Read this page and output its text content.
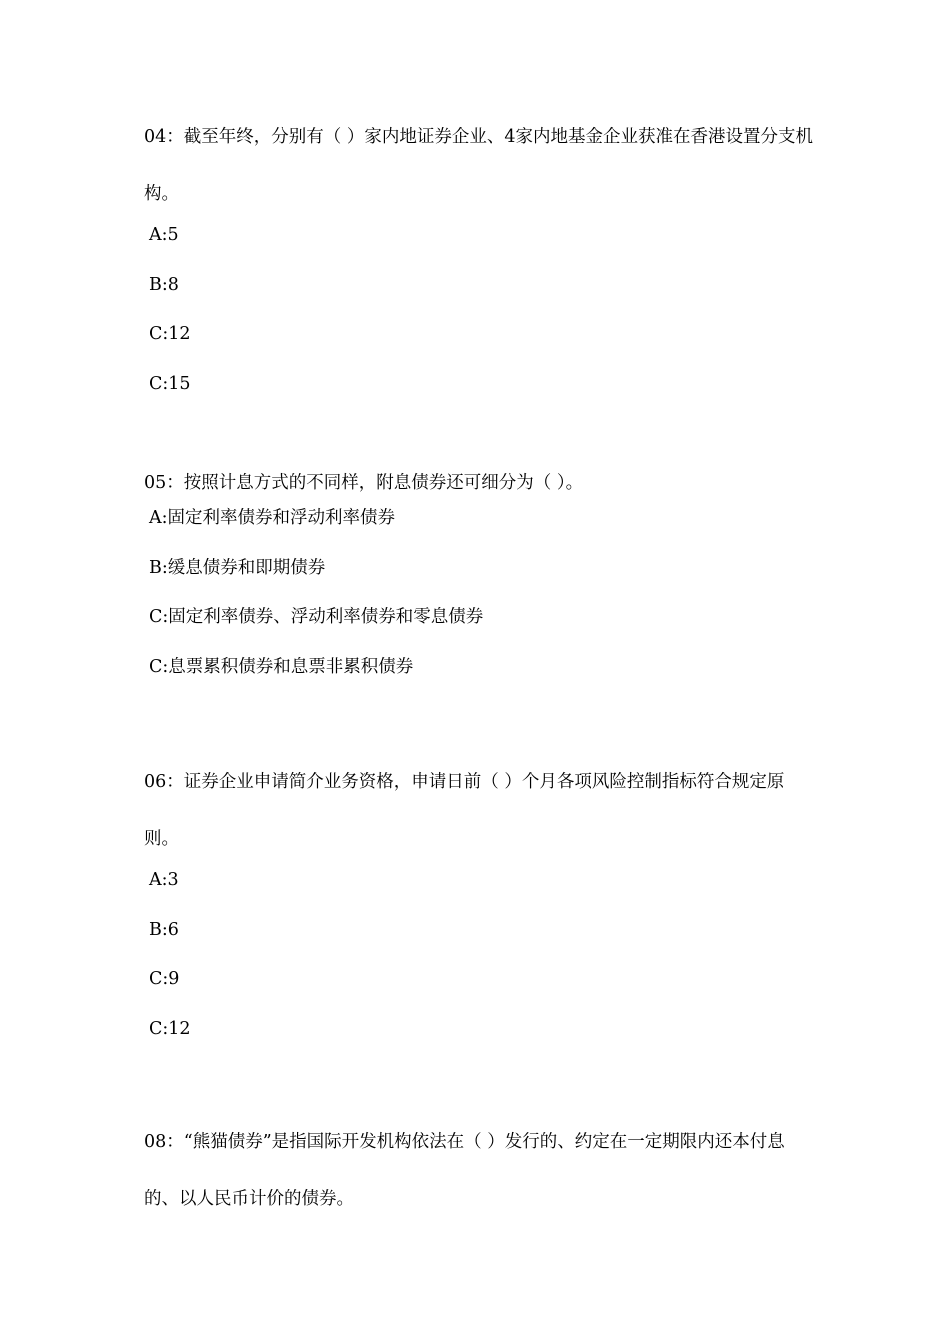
04：截至年终，分别有（ ）家内地证券企业、4家内地基金企业获准在香港设置分支机构。

A:5

B:8

C:12

C:15

05：按照计息方式的不同样，附息债券还可细分为（ ）。

A:固定利率债券和浮动利率债券

B:缓息债券和即期债券

C:固定利率债券、浮动利率债券和零息债券

C:息票累积债券和息票非累积债券

06：证券企业申请简介业务资格，申请日前（ ）个月各项风险控制指标符合规定原则。

A:3

B:6

C:9

C:12

08：“熊猫债券”是指国际开发机构依法在（ ）发行的、约定在一定期限内还本付息的、以人民币计价的债券。
